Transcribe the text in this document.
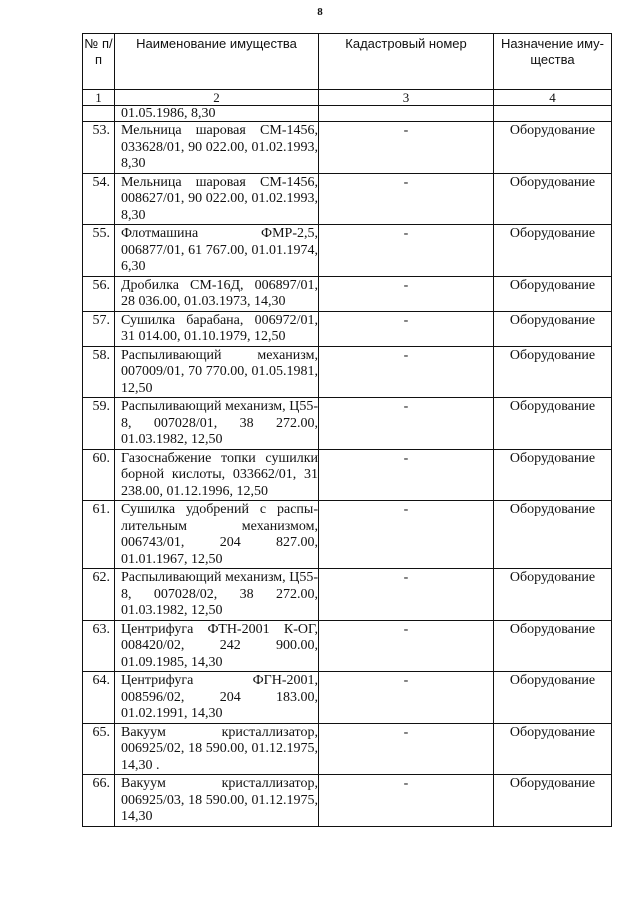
8
№ п/п	Наименование имущества	Кадастровый номер	Назначение иму-щества
1	2	3	4
	01.05.1986, 8,30		
53.	Мельница шаровая СМ-1456, 033628/01, 90 022.00, 01.02.1993, 8,30	-	Оборудование
54.	Мельница шаровая СМ-1456, 008627/01, 90 022.00, 01.02.1993, 8,30	-	Оборудование
55.	Флотмашина ФМР-2,5, 006877/01, 61 767.00, 01.01.1974, 6,30	-	Оборудование
56.	Дробилка СМ-16Д, 006897/01, 28 036.00, 01.03.1973, 14,30	-	Оборудование
57.	Сушилка барабана, 006972/01, 31 014.00, 01.10.1979, 12,50	-	Оборудование
58.	Распыливающий механизм, 007009/01, 70 770.00, 01.05.1981, 12,50	-	Оборудование
59.	Распыливающий механизм, Ц55-8, 007028/01, 38 272.00, 01.03.1982, 12,50	-	Оборудование
60.	Газоснабжение топки сушилки борной кислоты, 033662/01, 31 238.00, 01.12.1996, 12,50	-	Оборудование
61.	Сушилка удобрений с распы-лительным механизмом, 006743/01, 204 827.00, 01.01.1967, 12,50	-	Оборудование
62.	Распыливающий механизм, Ц55-8, 007028/02, 38 272.00, 01.03.1982, 12,50	-	Оборудование
63.	Центрифуга ФТН-2001 К-ОГ, 008420/02, 242 900.00, 01.09.1985, 14,30	-	Оборудование
64.	Центрифуга ФГН-2001, 008596/02, 204 183.00, 01.02.1991, 14,30	-	Оборудование
65.	Вакуум кристаллизатор, 006925/02, 18 590.00, 01.12.1975, 14,30 .	-	Оборудование
66.	Вакуум кристаллизатор, 006925/03, 18 590.00, 01.12.1975, 14,30	-	Оборудование
